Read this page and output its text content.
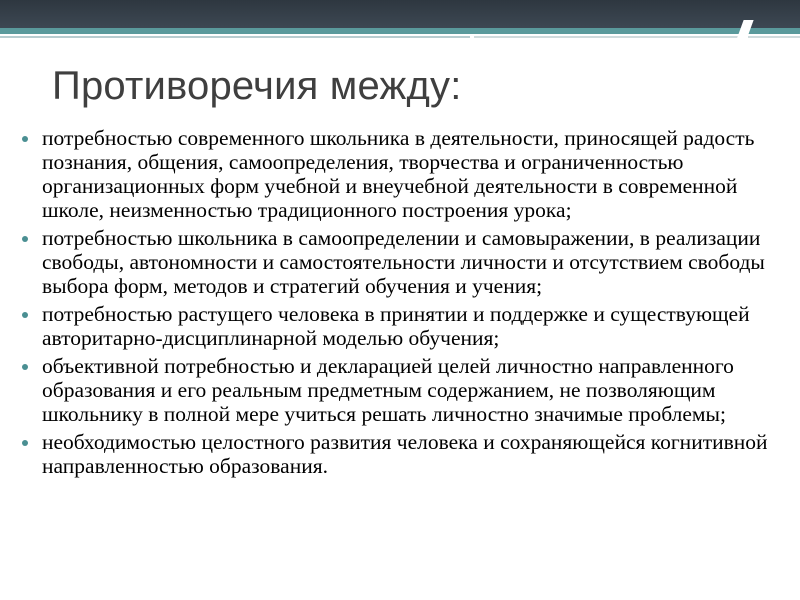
Противоречия между:
потребностью современного школьника в деятельности, приносящей радость познания, общения, самоопределения, творчества и ограниченностью организационных форм учебной и внеучебной деятельности в современной школе, неизменностью традиционного построения урока;
потребностью школьника в самоопределении и самовыражении, в реализации свободы, автономности и самостоятельности личности и отсутствием свободы выбора форм, методов и стратегий обучения и учения;
потребностью растущего человека в принятии и поддержке и существующей авторитарно-дисциплинарной моделью обучения;
объективной потребностью и декларацией целей личностно направленного образования и его реальным предметным содержанием, не позволяющим школьнику в полной мере учиться решать личностно значимые проблемы;
необходимостью целостного развития человека и сохраняющейся когнитивной направленностью образования.
